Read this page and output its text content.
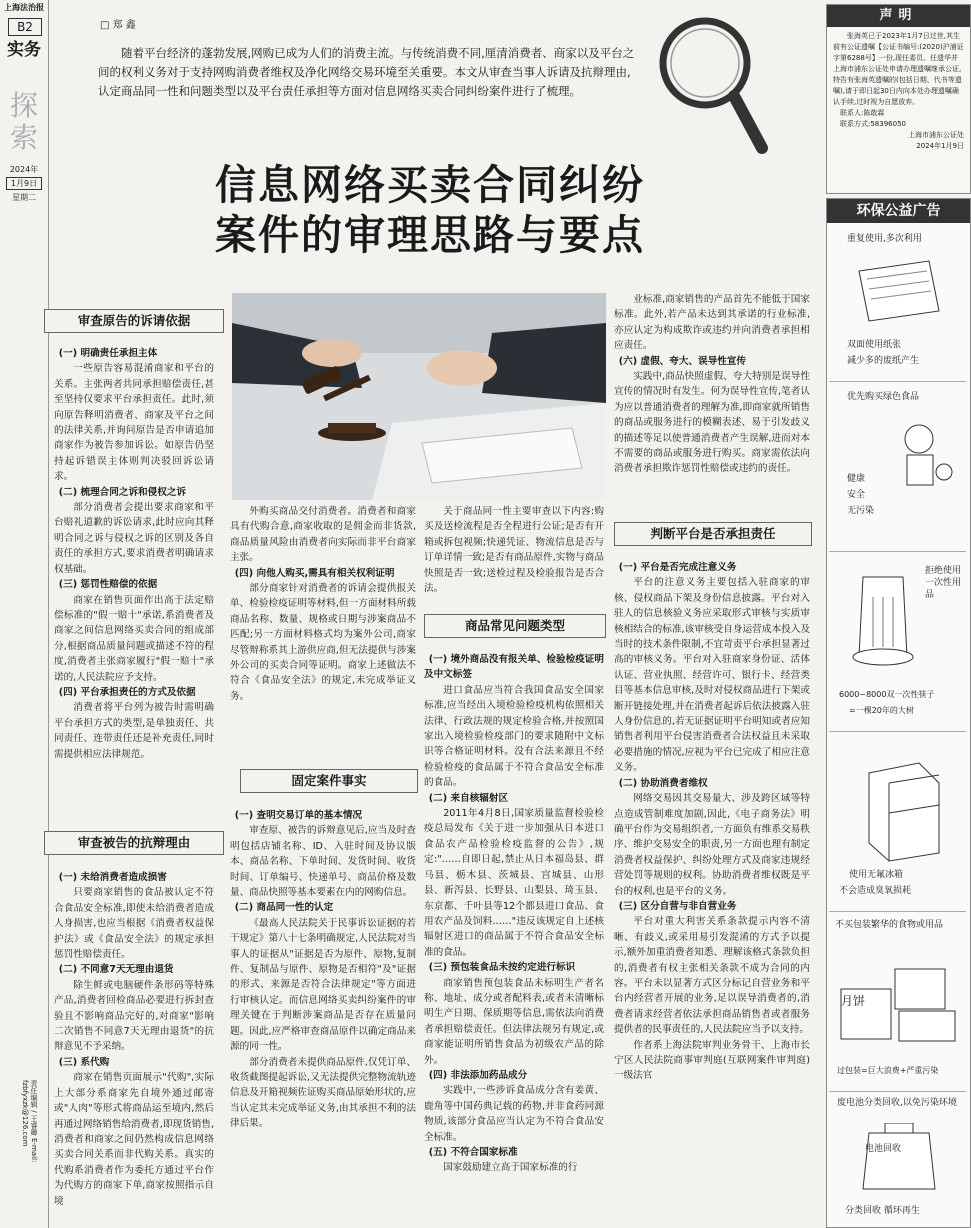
上海法治报
B2
实务
探索
2024年
1月9日
星期二
责任编辑 / 王睿卿 E-mail: fzbfyxzk@126.com
□ 郑 鑫
随着平台经济的蓬勃发展,网购已成为人们的消费主流。与传统消费不同,厘清消费者、商家以及平台之间的权利义务对于支持网购消费者维权及净化网络交易环境至关重要。本文从审查当事人诉请及抗辩理由,认定商品同一性和问题类型以及平台责任承担等方面对信息网络买卖合同纠纷案件进行了梳理。
信息网络买卖合同纠纷
案件的审理思路与要点
审查原告的诉请依据
审查被告的抗辩理由
固定案件事实
商品常见问题类型
判断平台是否承担责任

(一) 明确责任承担主体

一些原告容易混淆商家和平台的关系。主张两者共同承担赔偿责任,甚至坚持仅要求平台承担责任。此时,须向原告释明消费者、商家及平台之间的法律关系,并询问原告是否申请追加商家作为被告参加诉讼。如原告仍坚持起诉错误主体则判决驳回诉讼请求。

(二) 梳理合同之诉和侵权之诉

部分消费者会提出要求商家和平台赔礼道歉的诉讼请求,此时应向其释明合同之诉与侵权之诉的区别及各自责任的承担方式,要求消费者明确请求权基础。

(三) 惩罚性赔偿的依据

商家在销售页面作出高于法定赔偿标准的"假一赔十"承诺,系消费者及商家之间信息网络买卖合同的组成部分,根据商品质量问题或描述不符的程度,消费者主张商家履行"假一赔十"承诺的,人民法院应予支持。

(四) 平台承担责任的方式及依据

消费者将平台列为被告时需明确平台承担方式的类型,是单独责任、共同责任、连带责任还是补充责任,同时需提供相应法律规范。

(一) 未给消费者造成损害

只要商家销售的食品被认定不符合食品安全标准,即使未给消费者造成人身损害,也应当根据《消费者权益保护法》或《食品安全法》的规定承担惩罚性赔偿责任。

(二) 不同意7天无理由退货

除生鲜或电脑硬件条形码等特殊产品,消费者回检商品必要进行拆封查验且不影响商品完好的,对商家"影响二次销售不同意7天无理由退货"的抗辩意见不予采纳。

(三) 系代购

商家在销售页面展示"代购",实际上大部分系商家先自境外通过邮寄或"人肉"等形式将商品运至境内,然后再通过网络销售给消费者,即现货销售,消费者和商家之间仍然构成信息网络买卖合同关系而非代购关系。真实的代购系消费者作为委托方通过平台作为代购方的商家下单,商家按照指示自境

外购买商品交付消费者。消费者和商家具有代购合意,商家收取的是佣金而非货款,商品质量风险由消费者向实际而非平台商家主张。

(四) 向他人购买,需具有相关权利证明

部分商家针对消费者的诉请会提供报关单、检验检疫证明等材料,但一方面材料所载商品名称、数量、规格或日期与涉案商品不匹配;另一方面材料格式均为案外公司,商家尽管辩称系其上游供应商,但无法提供与涉案外公司的买卖合同等证明。商家上述做法不符合《食品安全法》的规定,未完成举证义务。

(一) 查明交易订单的基本情况

审查原、被告的诉辩意见后,应当及时查明包括店铺名称、ID、入驻时间及协议版本、商品名称、下单时间、发货时间、收货时间、订单编号、快递单号、商品价格及数量、商品快照等基本要素在内的网购信息。

(二) 商品同一性的认定

《最高人民法院关于民事诉讼证据的若干规定》第八十七条明确规定,人民法院对当事人的证据从"证据是否为原件、原物,复制件、复制品与原件、原物是否相符"及"证据的形式、来源是否符合法律规定"等方面进行审核认定。而信息网络买卖纠纷案件的审理关键在于判断涉案商品是否存在质量问题。因此,应严格审查商品原件以确定商品来源的同一性。

部分消费者未提供商品原件,仅凭订单、收货截图提起诉讼,又无法提供完整物流轨迹信息及开箱视频佐证购买商品原始形状的,应当认定其未完成举证义务,由其承担不利的法律后果。

关于商品同一性主要审查以下内容:购买及送检流程是否全程进行公证;是否有开箱或拆包视频;快递凭证、物流信息是否与订单详情一致;是否有商品原件,实物与商品快照是否一致;送检过程及检验报告是否合法。

(一) 境外商品没有报关单、检验检疫证明及中文标签

进口食品应当符合我国食品安全国家标准,应当经出入境检验检疫机构依照相关法律、行政法规的规定检验合格,并按照国家出入境检验检疫部门的要求随附中文标识等合格证明材料。没有合法来源且不经检验检疫的食品属于不符合食品安全标准的食品。

(二) 来自核辐射区

2011年4月8日,国家质量监督检验检疫总局发布《关于进一步加强从日本进口食品农产品检验检疫监督的公告》,规定:"……自即日起,禁止从日本福岛县、群马县、栃木县、茨城县、宫城县、山形县、新泻县、长野县、山梨县、琦玉县、东京都、千叶县等12个都县进口食品、食用农产品及饲料……"违反该规定自上述核辐射区进口的商品属于不符合食品安全标准的食品。

(三) 预包装食品未按约定进行标识

商家销售预包装食品未标明生产者名称、地址、成分或者配料表,或者未清晰标明生产日期、保质期等信息,需依法向消费者承担赔偿责任。但法律法规另有规定,或商家能证明所销售食品为初级农产品的除外。

(四) 非法添加药品成分

实践中,一些涉诉食品成分含有姜黄、鹿角等中国药典记载的药物,并非食药同源物质,该部分食品应当认定为不符合食品安全标准。

(五) 不符合国家标准

国家鼓励建立高于国家标准的行

业标准,商家销售的产品首先不能低于国家标准。此外,若产品未达到其承诺的行业标准,亦应认定为构成欺诈或违约并向消费者承担相应责任。

(六) 虚假、夸大、误导性宣传

实践中,商品快照虚假、夸大特别是误导性宣传的情况时有发生。何为误导性宣传,笔者认为应以普通消费者的理解为准,即商家就所销售的商品或服务进行的模糊表述、易于引发歧义的描述等足以使普通消费者产生误解,进而对本不需要的商品或服务进行购买。商家需依法向消费者承担欺诈惩罚性赔偿或违约的责任。

(一) 平台是否完成注意义务

平台的注意义务主要包括入驻商家的审核、侵权商品下架及身份信息披露。平台对入驻人的信息核验义务应采取形式审核与实质审核相结合的标准,该审核受自身运营成本投入及当时的技术条件限制,不宜苛责平台承担显著过高的审核义务。平台对入驻商家身份证、活体认证、营业执照、经营许可、银行卡、经营类目等基本信息审核,及时对侵权商品进行下架或断开链接处理,并在消费者起诉后依法披露入驻人身份信息的,若无证据证明平台明知或者应知销售者利用平台侵害消费者合法权益且未采取必要措施的情况,应视为平台已完成了相应注意义务。

(二) 协助消费者维权

网络交易因其交易量大、涉及跨区域等特点造成管制难度加剧,因此,《电子商务法》明确平台作为交易组织者,一方面负有维系交易秩序、维护交易安全的职责,另一方面也理有制定消费者权益保护、纠纷处理方式及商家违规经营处罚等规则的权利。协助消费者维权既是平台的权利,也是平台的义务。

(三) 区分自营与非自营业务

平台对重大利害关系条款提示内容不清晰、有歧义,或采用易引发混淆的方式予以提示,额外加重消费者知悉、理解该格式条款负担的,消费者有权主张相关条款不成为合同的内容。平台未以显著方式区分标记自营业务和平台内经营者开展的业务,足以误导消费者的,消费者请求经营者依法承担商品销售者或者服务提供者的民事责任的,人民法院应当予以支持。

作者系上海法院审判业务骨干、上海市长宁区人民法院商事审判庭(互联网案件审判庭)一级法官

声明
张海英已于2023年1月7日过世,其生前有公证遗嘱【公证书编号:(2020)沪浦证字第6288号】一份,现任委员、任遗华并上海市浦东公证处申请办理遗嘱继承公证,特告有张海英遗嘱的(包括日期、代书等遗嘱),请于即日起30日内向本处办理遗嘱确认手续,过时视为自愿放弃。
联系人:陈敢霖
联系方式:58396050
上海市浦东公证处
2024年1月9日
环保公益广告
重复使用,多次利用
双面使用纸张
减少多的废纸产生
优先购买绿色食品
健康
安全
无污染
拒绝使用一次性用品
6000~8000双一次性筷子
=一棵20年的大树
使用无氟冰箱
不会造成臭氧损耗
不买包装繁华的食物或用品
月饼
过包装=巨大浪费+严重污染
废电池分类回收,以免污染环境
电池回收
分类回收 循环再生
